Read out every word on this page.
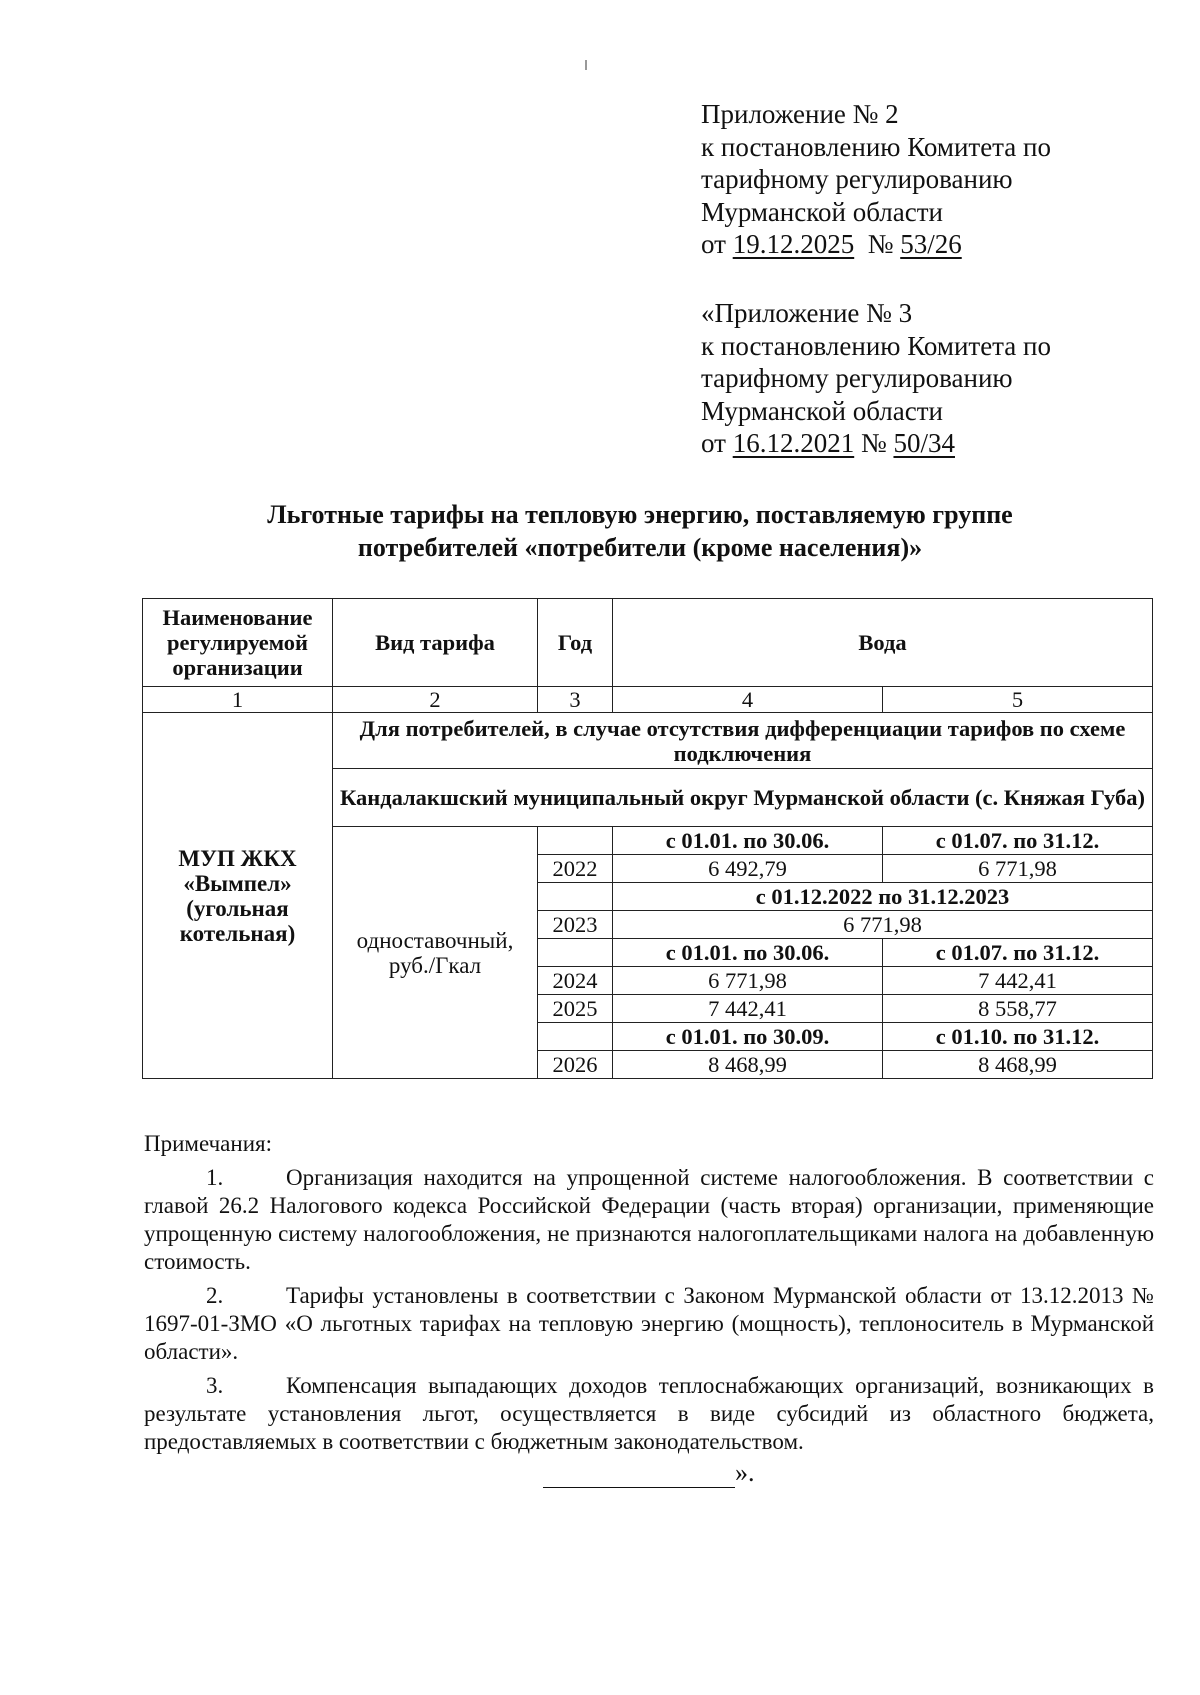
Приложение № 2
к постановлению Комитета по
тарифному регулированию
Мурманской области
от 19.12.2025  № 53/26
«Приложение № 3
к постановлению Комитета по
тарифному регулированию
Мурманской области
от 16.12.2021 № 50/34
Льготные тарифы на тепловую энергию, поставляемую группе
потребителей «потребители (кроме населения)»
Наименование регулируемой организации	Вид тарифа	Год	Вода	
1	2	3	4	5
МУП ЖКХ «Вымпел» (угольная котельная)	Для потребителей, в случае отсутствия дифференциации тарифов по схеме подключения			
	Кандалакшский муниципальный округ Мурманской области (с. Княжая Губа)			
	одноставочный, руб./Гкал		с 01.01. по 30.06.	с 01.07. по 31.12.
		2022	6 492,79	6 771,98
			с 01.12.2022 по 31.12.2023	
		2023	6 771,98	
			с 01.01. по 30.06.	с 01.07. по 31.12.
		2024	6 771,98	7 442,41
		2025	7 442,41	8 558,77
			с 01.01. по 30.09.	с 01.10. по 31.12.
		2026	8 468,99	8 468,99

Примечания:

1.	Организация находится на упрощенной системе налогообложения. В соответствии с главой 26.2 Налогового кодекса Российской Федерации (часть вторая) организации, применяющие упрощенную систему налогообложения, не признаются налогоплательщиками налога на добавленную стоимость.

2.	Тарифы установлены в соответствии с Законом Мурманской области от 13.12.2013 № 1697-01-ЗМО «О льготных тарифах на тепловую энергию (мощность), теплоноситель в Мурманской области».

3.	Компенсация выпадающих доходов теплоснабжающих организаций, возникающих в результате установления льгот, осуществляется в виде субсидий из областного бюджета, предоставляемых в соответствии с бюджетным законодательством.

».
